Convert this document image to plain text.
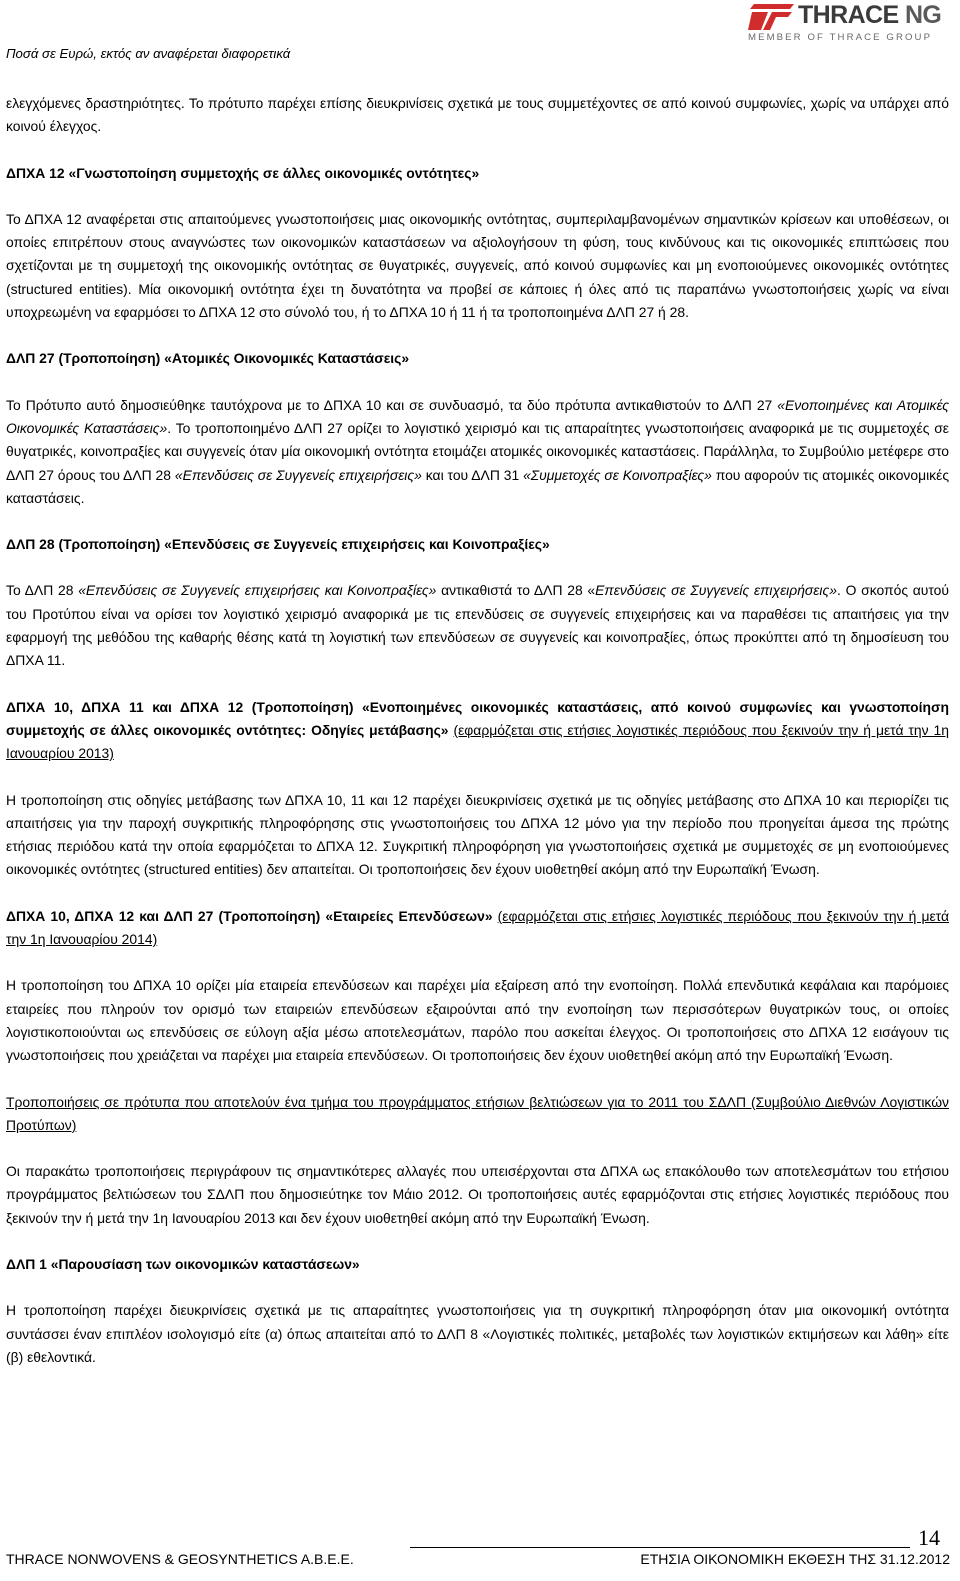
Ποσά σε Ευρώ, εκτός αν αναφέρεται διαφορετικά
THRACE NG
MEMBER OF THRACE GROUP

ελεγχόμενες δραστηριότητες. Το πρότυπο παρέχει επίσης διευκρινίσεις σχετικά με τους συμμετέχοντες σε από κοινού συμφωνίες, χωρίς να υπάρχει από κοινού έλεγχος.

ΔΠΧΑ 12 «Γνωστοποίηση συμμετοχής σε άλλες οικονομικές οντότητες»

Το ΔΠΧΑ 12 αναφέρεται στις απαιτούμενες γνωστοποιήσεις μιας οικονομικής οντότητας, συμπεριλαμβανομένων σημαντικών κρίσεων και υποθέσεων, οι οποίες επιτρέπουν στους αναγνώστες των οικονομικών καταστάσεων να αξιολογήσουν τη φύση, τους κινδύνους και τις οικονομικές επιπτώσεις που σχετίζονται με τη συμμετοχή της οικονομικής οντότητας σε θυγατρικές, συγγενείς, από κοινού συμφωνίες και μη ενοποιούμενες οικονομικές οντότητες (structured entities). Μία οικονομική οντότητα έχει τη δυνατότητα να προβεί σε κάποιες ή όλες από τις παραπάνω γνωστοποιήσεις χωρίς να είναι υποχρεωμένη να εφαρμόσει το ΔΠΧΑ 12 στο σύνολό του, ή το ΔΠΧΑ 10 ή 11 ή τα τροποποιημένα ΔΛΠ 27 ή 28.

ΔΛΠ 27 (Τροποποίηση) «Ατομικές Οικονομικές Καταστάσεις»

Το Πρότυπο αυτό δημοσιεύθηκε ταυτόχρονα με το ΔΠΧΑ 10 και σε συνδυασμό, τα δύο πρότυπα αντικαθιστούν το ΔΛΠ 27 «Ενοποιημένες και Ατομικές Οικονομικές Καταστάσεις». Το τροποποιημένο ΔΛΠ 27 ορίζει το λογιστικό χειρισμό και τις απαραίτητες γνωστοποιήσεις αναφορικά με τις συμμετοχές σε θυγατρικές, κοινοπραξίες και συγγενείς όταν μία οικονομική οντότητα ετοιμάζει ατομικές οικονομικές καταστάσεις. Παράλληλα, το Συμβούλιο μετέφερε στο ΔΛΠ 27 όρους του ΔΛΠ 28 «Επενδύσεις σε Συγγενείς επιχειρήσεις» και του ΔΛΠ 31 «Συμμετοχές σε Κοινοπραξίες» που αφορούν τις ατομικές οικονομικές καταστάσεις.

ΔΛΠ 28 (Τροποποίηση) «Επενδύσεις σε Συγγενείς επιχειρήσεις και Κοινοπραξίες»

Το ΔΛΠ 28 «Επενδύσεις σε Συγγενείς επιχειρήσεις και Κοινοπραξίες» αντικαθιστά το ΔΛΠ 28 «Επενδύσεις σε Συγγενείς επιχειρήσεις». Ο σκοπός αυτού του Προτύπου είναι να ορίσει τον λογιστικό χειρισμό αναφορικά με τις επενδύσεις σε συγγενείς επιχειρήσεις και να παραθέσει τις απαιτήσεις για την εφαρμογή της μεθόδου της καθαρής θέσης κατά τη λογιστική των επενδύσεων σε συγγενείς και κοινοπραξίες, όπως προκύπτει από τη δημοσίευση του ΔΠΧΑ 11.

ΔΠΧΑ 10, ΔΠΧΑ 11 και ΔΠΧΑ 12 (Τροποποίηση) «Ενοποιημένες οικονομικές καταστάσεις, από κοινού συμφωνίες και γνωστοποίηση συμμετοχής σε άλλες οικονομικές οντότητες: Οδηγίες μετάβασης» (εφαρμόζεται στις ετήσιες λογιστικές περιόδους που ξεκινούν την ή μετά την 1η Ιανουαρίου 2013)

Η τροποποίηση στις οδηγίες μετάβασης των ΔΠΧΑ 10, 11 και 12 παρέχει διευκρινίσεις σχετικά με τις οδηγίες μετάβασης στο ΔΠΧΑ 10 και περιορίζει τις απαιτήσεις για την παροχή συγκριτικής πληροφόρησης στις γνωστοποιήσεις του ΔΠΧΑ 12 μόνο για την περίοδο που προηγείται άμεσα της πρώτης ετήσιας περιόδου κατά την οποία εφαρμόζεται το ΔΠΧΑ 12. Συγκριτική πληροφόρηση για γνωστοποιήσεις σχετικά με συμμετοχές σε μη ενοποιούμενες οικονομικές οντότητες (structured entities) δεν απαιτείται. Οι τροποποιήσεις δεν έχουν υιοθετηθεί ακόμη από την Ευρωπαϊκή Ένωση.

ΔΠΧΑ 10, ΔΠΧΑ 12 και ΔΛΠ 27 (Τροποποίηση) «Εταιρείες Επενδύσεων» (εφαρμόζεται στις ετήσιες λογιστικές περιόδους που ξεκινούν την ή μετά την 1η Ιανουαρίου 2014)

Η τροποποίηση του ΔΠΧΑ 10 ορίζει μία εταιρεία επενδύσεων και παρέχει μία εξαίρεση από την ενοποίηση. Πολλά επενδυτικά κεφάλαια και παρόμοιες εταιρείες που πληρούν τον ορισμό των εταιρειών επενδύσεων εξαιρούνται από την ενοποίηση των περισσότερων θυγατρικών τους, οι οποίες λογιστικοποιούνται ως επενδύσεις σε εύλογη αξία μέσω αποτελεσμάτων, παρόλο που ασκείται έλεγχος. Οι τροποποιήσεις στο ΔΠΧΑ 12 εισάγουν τις γνωστοποιήσεις που χρειάζεται να παρέχει μια εταιρεία επενδύσεων. Οι τροποποιήσεις δεν έχουν υιοθετηθεί ακόμη από την Ευρωπαϊκή Ένωση.

Τροποποιήσεις σε πρότυπα που αποτελούν ένα τμήμα του προγράμματος ετήσιων βελτιώσεων για το 2011 του ΣΔΛΠ (Συμβούλιο Διεθνών Λογιστικών Προτύπων)

Οι παρακάτω τροποποιήσεις περιγράφουν τις σημαντικότερες αλλαγές που υπεισέρχονται στα ΔΠΧΑ ως επακόλουθο των αποτελεσμάτων του ετήσιου προγράμματος βελτιώσεων του ΣΔΛΠ που δημοσιεύτηκε τον Μάιο 2012. Οι τροποποιήσεις αυτές εφαρμόζονται στις ετήσιες λογιστικές περιόδους που ξεκινούν την ή μετά την 1η Ιανουαρίου 2013 και δεν έχουν υιοθετηθεί ακόμη από την Ευρωπαϊκή Ένωση.

ΔΛΠ 1 «Παρουσίαση των οικονομικών καταστάσεων»

Η τροποποίηση παρέχει διευκρινίσεις σχετικά με τις απαραίτητες γνωστοποιήσεις για τη συγκριτική πληροφόρηση όταν μια οικονομική οντότητα συντάσσει έναν επιπλέον ισολογισμό είτε (α) όπως απαιτείται από το ΔΛΠ 8 «Λογιστικές πολιτικές, μεταβολές των λογιστικών εκτιμήσεων και λάθη» είτε (β) εθελοντικά.

14
THRACE NONWOVENS & GEOSYNTHETICS A.B.E.E.	ΕΤΗΣΙΑ ΟΙΚΟΝΟΜΙΚΗ ΕΚΘΕΣΗ ΤΗΣ 31.12.2012
